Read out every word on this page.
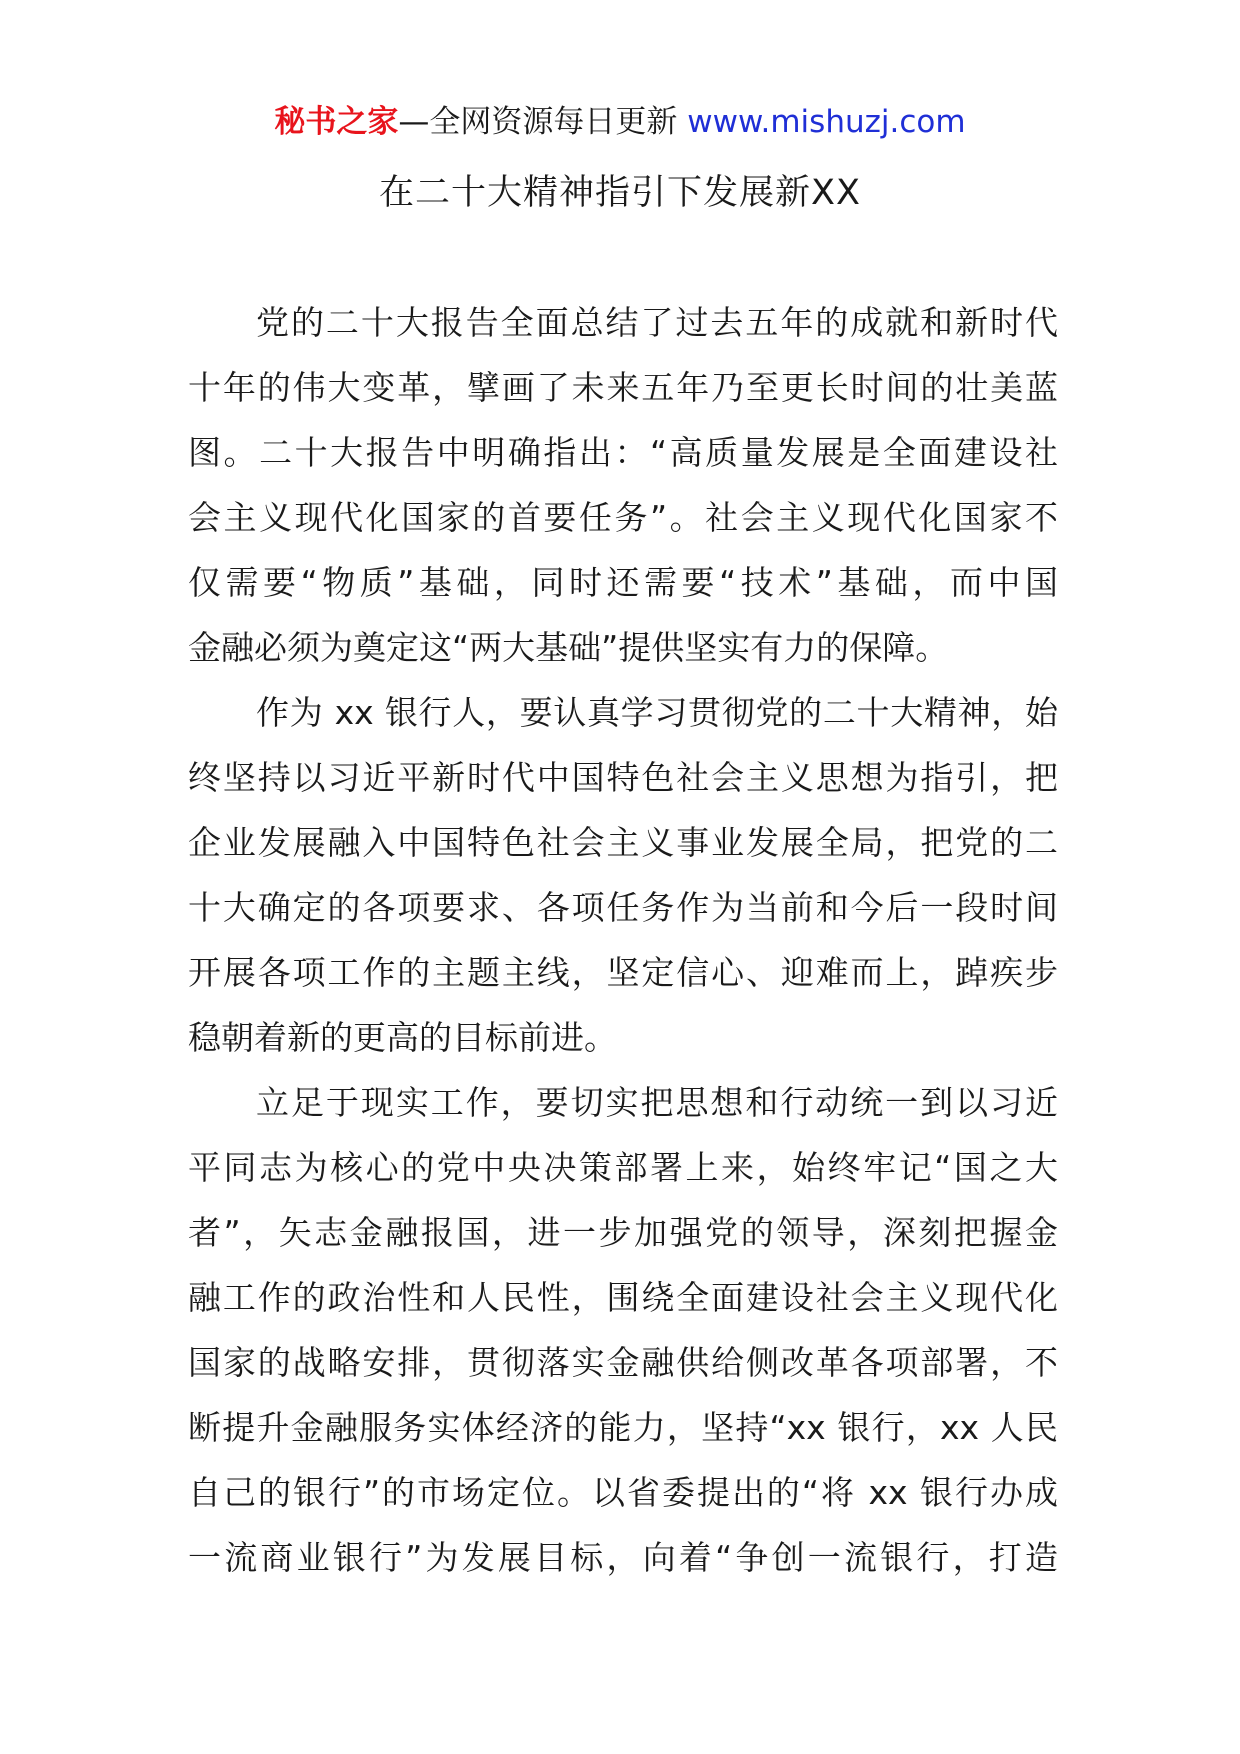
秘书之家—全网资源每日更新 www.mishuzj.com
在二十大精神指引下发展新XX
党的二十大报告全面总结了过去五年的成就和新时代
十年的伟大变革，擘画了未来五年乃至更长时间的壮美蓝
图。二十大报告中明确指出：“高质量发展是全面建设社
会主义现代化国家的首要任务”。社会主义现代化国家不
仅需要“物质”基础，同时还需要“技术”基础，而中国
金融必须为奠定这“两大基础”提供坚实有力的保障。
作为 xx 银行人，要认真学习贯彻党的二十大精神，始
终坚持以习近平新时代中国特色社会主义思想为指引，把
企业发展融入中国特色社会主义事业发展全局，把党的二
十大确定的各项要求、各项任务作为当前和今后一段时间
开展各项工作的主题主线，坚定信心、迎难而上，踔疾步
稳朝着新的更高的目标前进。
立足于现实工作，要切实把思想和行动统一到以习近
平同志为核心的党中央决策部署上来，始终牢记“国之大
者”，矢志金融报国，进一步加强党的领导，深刻把握金
融工作的政治性和人民性，围绕全面建设社会主义现代化
国家的战略安排，贯彻落实金融供给侧改革各项部署，不
断提升金融服务实体经济的能力，坚持“xx 银行，xx 人民
自己的银行”的市场定位。以省委提出的“将 xx 银行办成
一流商业银行”为发展目标，向着“争创一流银行，打造
